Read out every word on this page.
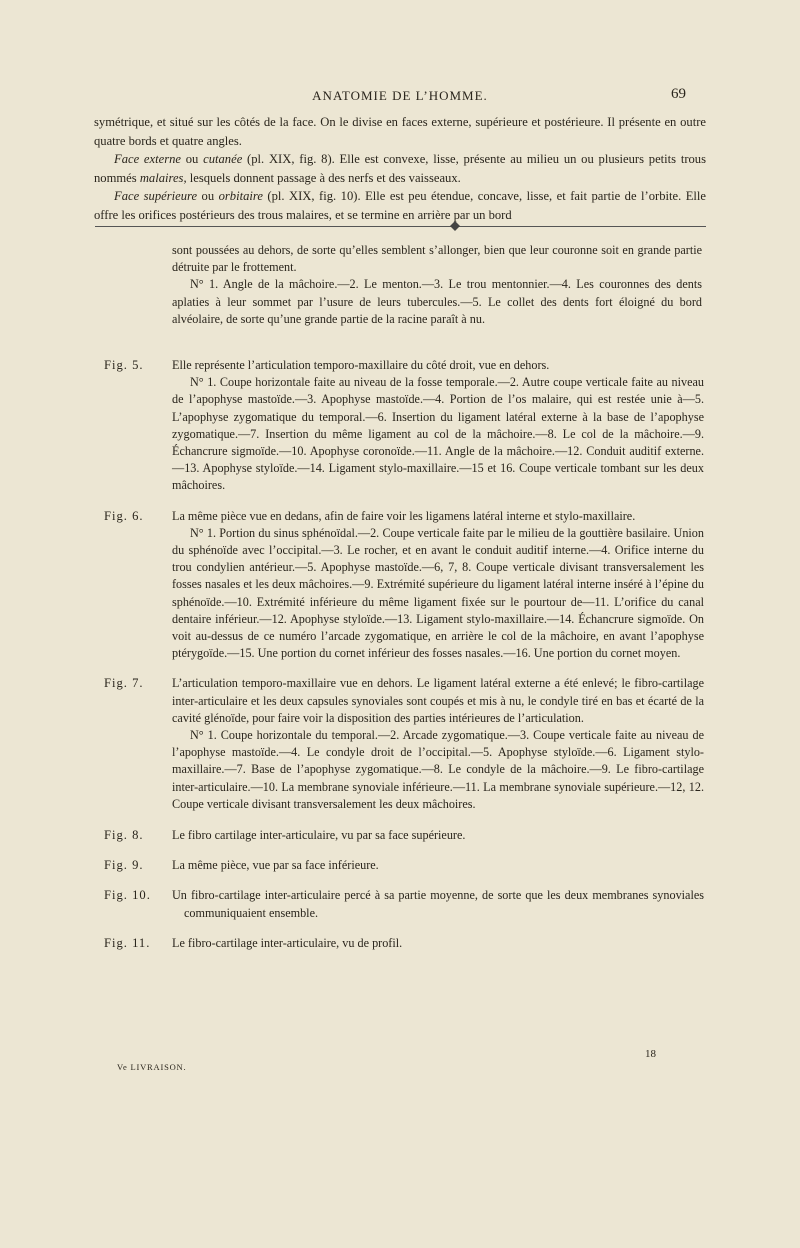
ANATOMIE DE L’HOMME.	69

symétrique, et situé sur les côtés de la face. On le divise en faces externe, supérieure et postérieure. Il présente en outre quatre bords et quatre angles.

Face externe ou cutanée (pl. XIX, fig. 8). Elle est convexe, lisse, présente au milieu un ou plusieurs petits trous nommés malaires, lesquels donnent passage à des nerfs et des vaisseaux.

Face supérieure ou orbitaire (pl. XIX, fig. 10). Elle est peu étendue, concave, lisse, et fait partie de l’orbite. Elle offre les orifices postérieurs des trous malaires, et se termine en arrière par un bord

sont poussées au dehors, de sorte qu’elles semblent s’allonger, bien que leur couronne soit en grande partie détruite par le frottement.

N° 1. Angle de la mâchoire.—2. Le menton.—3. Le trou mentonnier.—4. Les couronnes des dents aplaties à leur sommet par l’usure de leurs tubercules.—5. Le collet des dents fort éloigné du bord alvéolaire, de sorte qu’une grande partie de la racine paraît à nu.

Fig. 5.	Elle représente l’articulation temporo-maxillaire du côté droit, vue en dehors.

N° 1. Coupe horizontale faite au niveau de la fosse temporale.—2. Autre coupe verticale faite au niveau de l’apophyse mastoïde.—3. Apophyse mastoïde.—4. Portion de l’os malaire, qui est restée unie à—5. L’apophyse zygomatique du temporal.—6. Insertion du ligament latéral externe à la base de l’apophyse zygomatique.—7. Insertion du même ligament au col de la mâchoire.—8. Le col de la mâchoire.—9. Échancrure sigmoïde.—10. Apophyse coronoïde.—11. Angle de la mâchoire.—12. Conduit auditif externe.—13. Apophyse styloïde.—14. Ligament stylo-maxillaire.—15 et 16. Coupe verticale tombant sur les deux mâchoires.

Fig. 6.	La même pièce vue en dedans, afin de faire voir les ligamens latéral interne et stylo-maxillaire.

N° 1. Portion du sinus sphénoïdal.—2. Coupe verticale faite par le milieu de la gouttière basilaire. Union du sphénoïde avec l’occipital.—3. Le rocher, et en avant le conduit auditif interne.—4. Orifice interne du trou condylien antérieur.—5. Apophyse mastoïde.—6, 7, 8. Coupe verticale divisant transversalement les fosses nasales et les deux mâchoires.—9. Extrémité supérieure du ligament latéral interne inséré à l’épine du sphénoïde.—10. Extrémité inférieure du même ligament fixée sur le pourtour de—11. L’orifice du canal dentaire inférieur.—12. Apophyse styloïde.—13. Ligament stylo-maxillaire.—14. Échancrure sigmoïde. On voit au-dessus de ce numéro l’arcade zygomatique, en arrière le col de la mâchoire, en avant l’apophyse ptérygoïde.—15. Une portion du cornet inférieur des fosses nasales.—16. Une portion du cornet moyen.

Fig. 7.	L’articulation temporo-maxillaire vue en dehors. Le ligament latéral externe a été enlevé; le fibro-cartilage inter-articulaire et les deux capsules synoviales sont coupés et mis à nu, le condyle tiré en bas et écarté de la cavité glénoïde, pour faire voir la disposition des parties intérieures de l’articulation.

N° 1. Coupe horizontale du temporal.—2. Arcade zygomatique.—3. Coupe verticale faite au niveau de l’apophyse mastoïde.—4. Le condyle droit de l’occipital.—5. Apophyse styloïde.—6. Ligament stylo-maxillaire.—7. Base de l’apophyse zygomatique.—8. Le condyle de la mâchoire.—9. Le fibro-cartilage inter-articulaire.—10. La membrane synoviale inférieure.—11. La membrane synoviale supérieure.—12, 12. Coupe verticale divisant transversalement les deux mâchoires.

Fig. 8.	Le fibro cartilage inter-articulaire, vu par sa face supérieure.

Fig. 9.	La même pièce, vue par sa face inférieure.

Fig. 10.	Un fibro-cartilage inter-articulaire percé à sa partie moyenne, de sorte que les deux membranes synoviales communiquaient ensemble.

Fig. 11.	Le fibro-cartilage inter-articulaire, vu de profil.

Ve LIVRAISON.
18
